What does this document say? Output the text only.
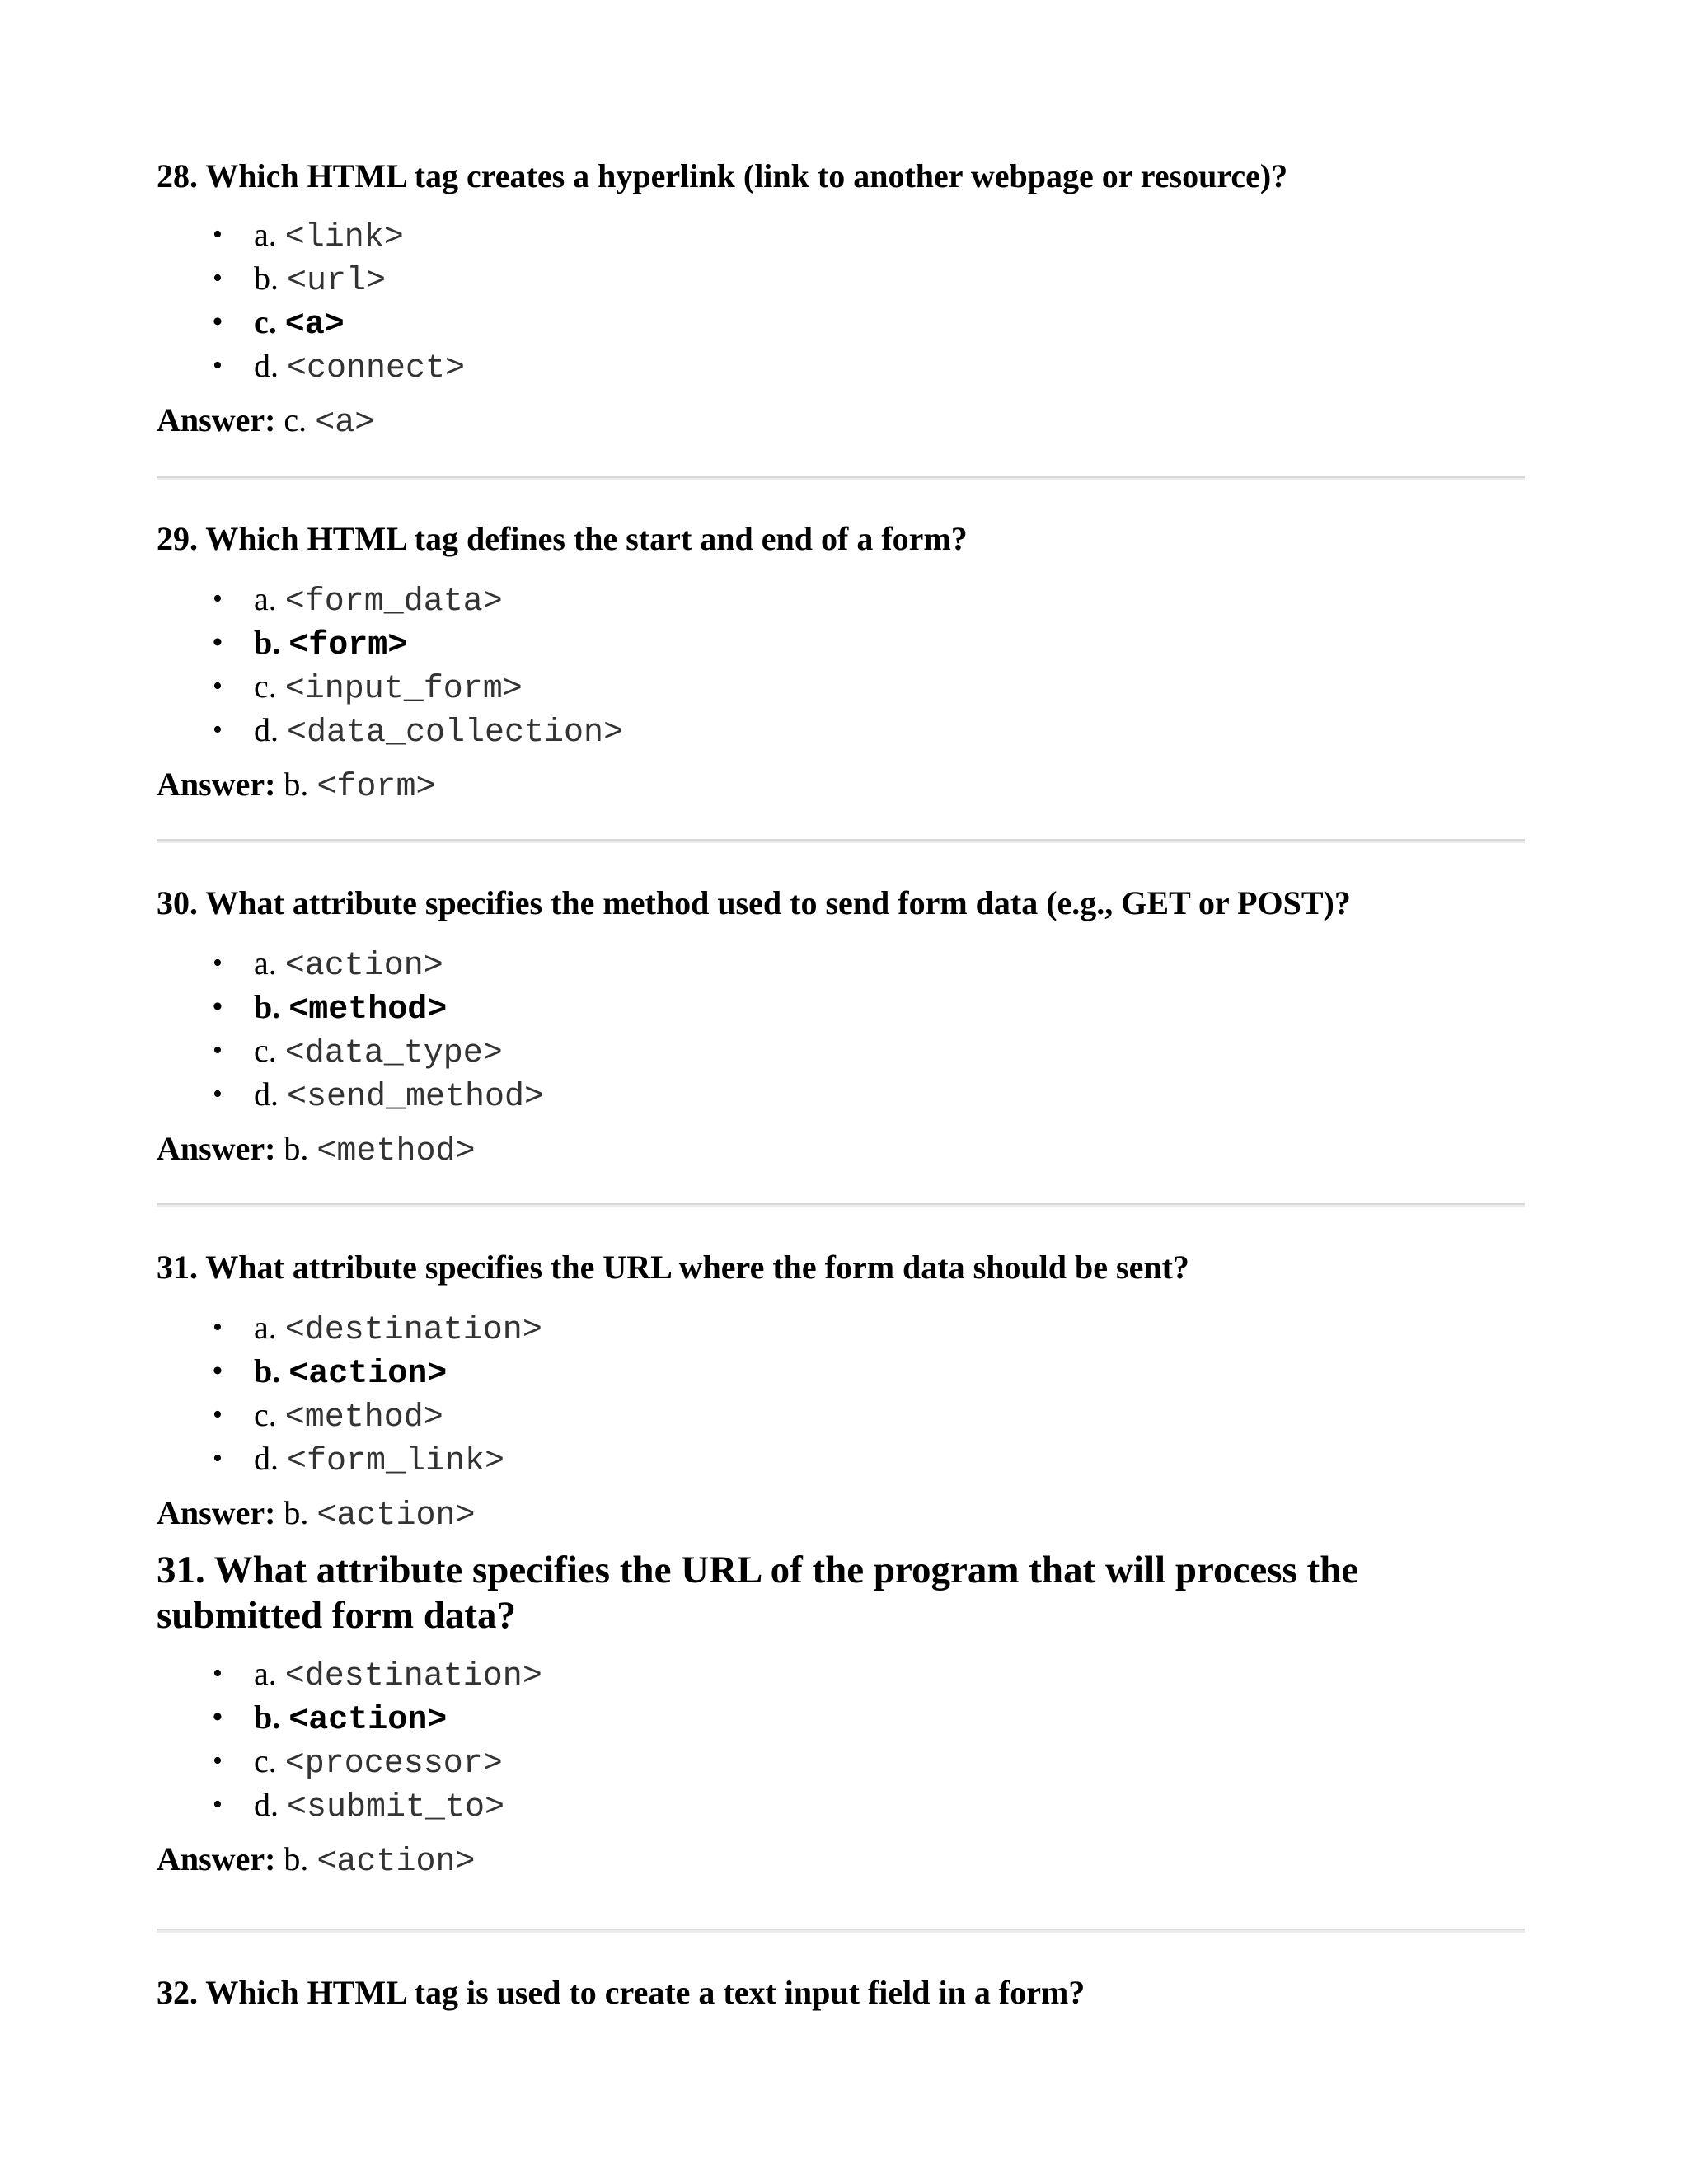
28. Which HTML tag creates a hyperlink (link to another webpage or resource)?

• a. <link>
• b. <url>
• c. <a>
• d. <connect>

Answer: c. <a>

29. Which HTML tag defines the start and end of a form?

• a. <form_data>
• b. <form>
• c. <input_form>
• d. <data_collection>

Answer: b. <form>

30. What attribute specifies the method used to send form data (e.g., GET or POST)?

• a. <action>
• b. <method>
• c. <data_type>
• d. <send_method>

Answer: b. <method>

31. What attribute specifies the URL where the form data should be sent?

• a. <destination>
• b. <action>
• c. <method>
• d. <form_link>

Answer: b. <action>

31. What attribute specifies the URL of the program that will process the submitted form data?

• a. <destination>
• b. <action>
• c. <processor>
• d. <submit_to>

Answer: b. <action>

32. Which HTML tag is used to create a text input field in a form?
